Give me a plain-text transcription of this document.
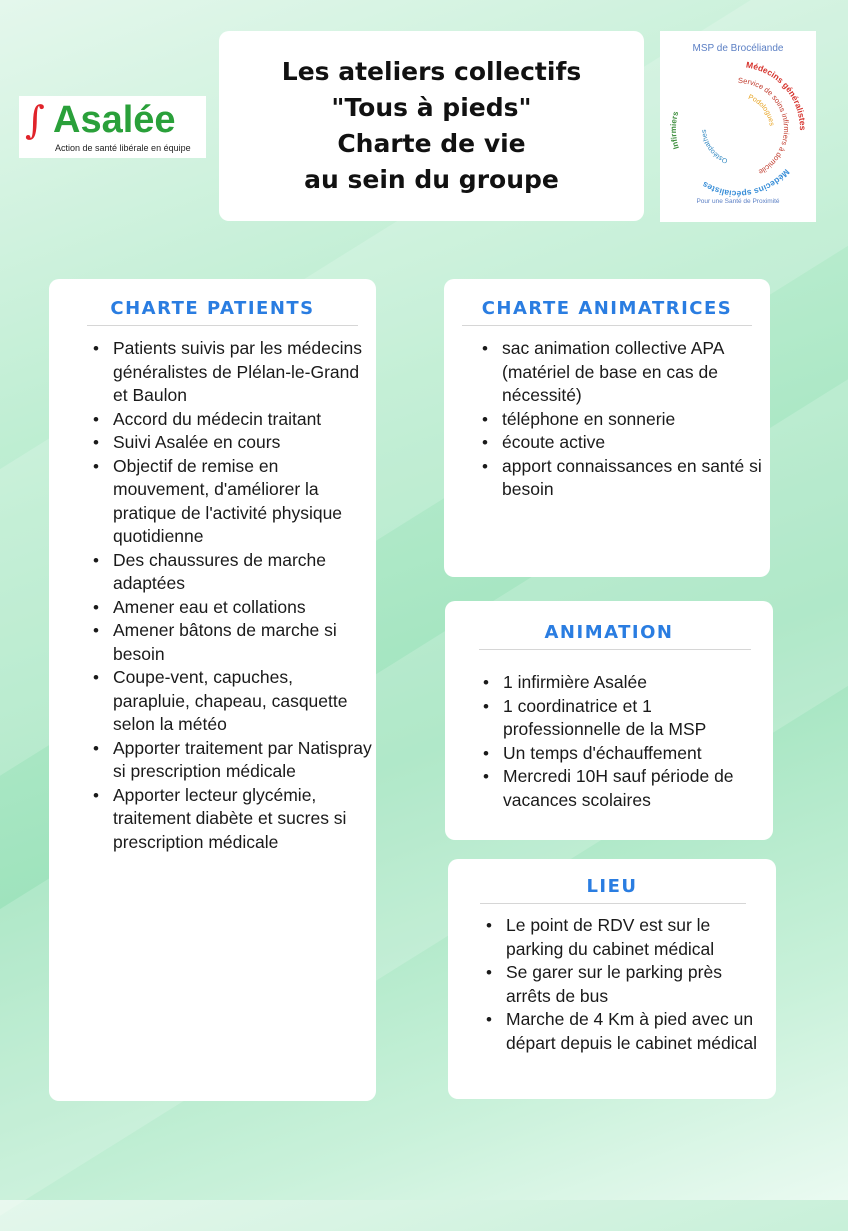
∫ Asalée
Action de santé libérale en équipe
Les ateliers collectifs
"Tous à pieds"
Charte de vie
au sein du groupe
MSP de Brocéliande
Médecins généralistes
Médecins spécialistes
Infirmiers
Service de soins infirmiers à domicile
Podologues
Ostéopathes
Pour une Santé de Proximité
CHARTE PATIENTS
• Patients suivis par les médecins généralistes de Plélan-le-Grand et Baulon
• Accord du médecin traitant
• Suivi Asalée en cours
• Objectif de remise en mouvement, d'améliorer la pratique de l'activité physique quotidienne
• Des chaussures de marche adaptées
• Amener eau et collations
• Amener bâtons de marche si besoin
• Coupe-vent, capuches, parapluie, chapeau, casquette selon la météo
• Apporter traitement par Natispray si prescription médicale
• Apporter lecteur glycémie, traitement diabète et sucres si prescription médicale
CHARTE ANIMATRICES
• sac animation collective APA (matériel de base en cas de nécessité)
• téléphone en sonnerie
• écoute active
• apport connaissances en santé si besoin
ANIMATION
• 1 infirmière Asalée
• 1 coordinatrice et 1 professionnelle de la MSP
• Un temps d'échauffement
• Mercredi 10H sauf période de vacances scolaires
LIEU
• Le point de RDV est sur le parking du cabinet médical
• Se garer sur le parking près arrêts de bus
• Marche de 4 Km à pied avec un départ depuis le cabinet médical
